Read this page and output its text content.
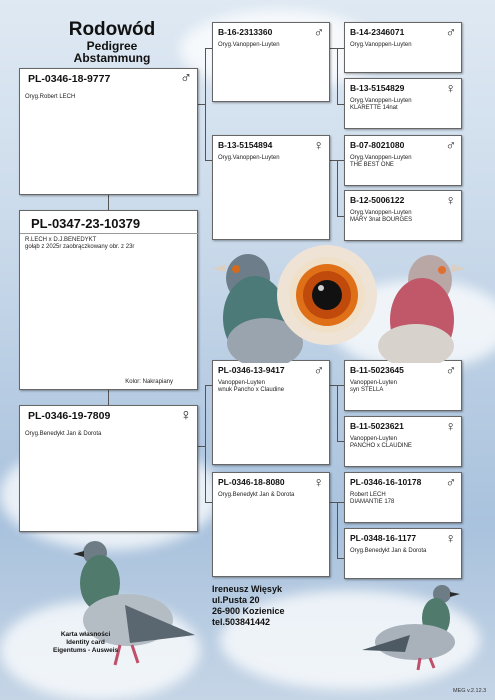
Rodowód
Pedigree
Abstammung
PL-0346-18-9777	♂
Oryg.Robert LECH
PL-0347-23-10379
R.LECH x D.J.BENEDYKT
gołąb z 2025r zaobrączkowany obr. z 23r
Kolor: Nakrapiany
PL-0346-19-7809	♀
Oryg.Benedykt Jan & Dorota
B-16-2313360	♂
Oryg.Vanoppen-Luyten
B-13-5154894	♀
Oryg.Vanoppen-Luyten
PL-0346-13-9417 ♂
Vanoppen-Luyten
wnuk Pancho x Claudine
PL-0346-18-8080 ♀
Oryg.Benedykt Jan & Dorota
B-14-2346071	♂
Oryg.Vanoppen-Luyten
B-13-5154829	♀
Oryg.Vanoppen-Luyten
KLARETTE 14nat
B-07-8021080	♂
Oryg.Vanoppen-Luyten
THE BEST ONE
B-12-5006122	♀
Oryg.Vanoppen-Luyten
MARY 3nat BOURGES
B-11-5023645	♂
Vanoppen-Luyten
syn STELLA
B-11-5023621	♀
Vanoppen-Luyten
PANCHO x CLAUDINE
PL-0346-16-10178 ♂
Robert LECH
DIAMANTIE 178
PL-0348-16-1177 ♀
Oryg.Benedykt Jan & Dorota
Karta własności
Identity card
Eigentums - Ausweis
Ireneusz Więsyk
ul.Pusta 20
26-900 Kozienice
tel.503841442
MEG v.2.12.3
